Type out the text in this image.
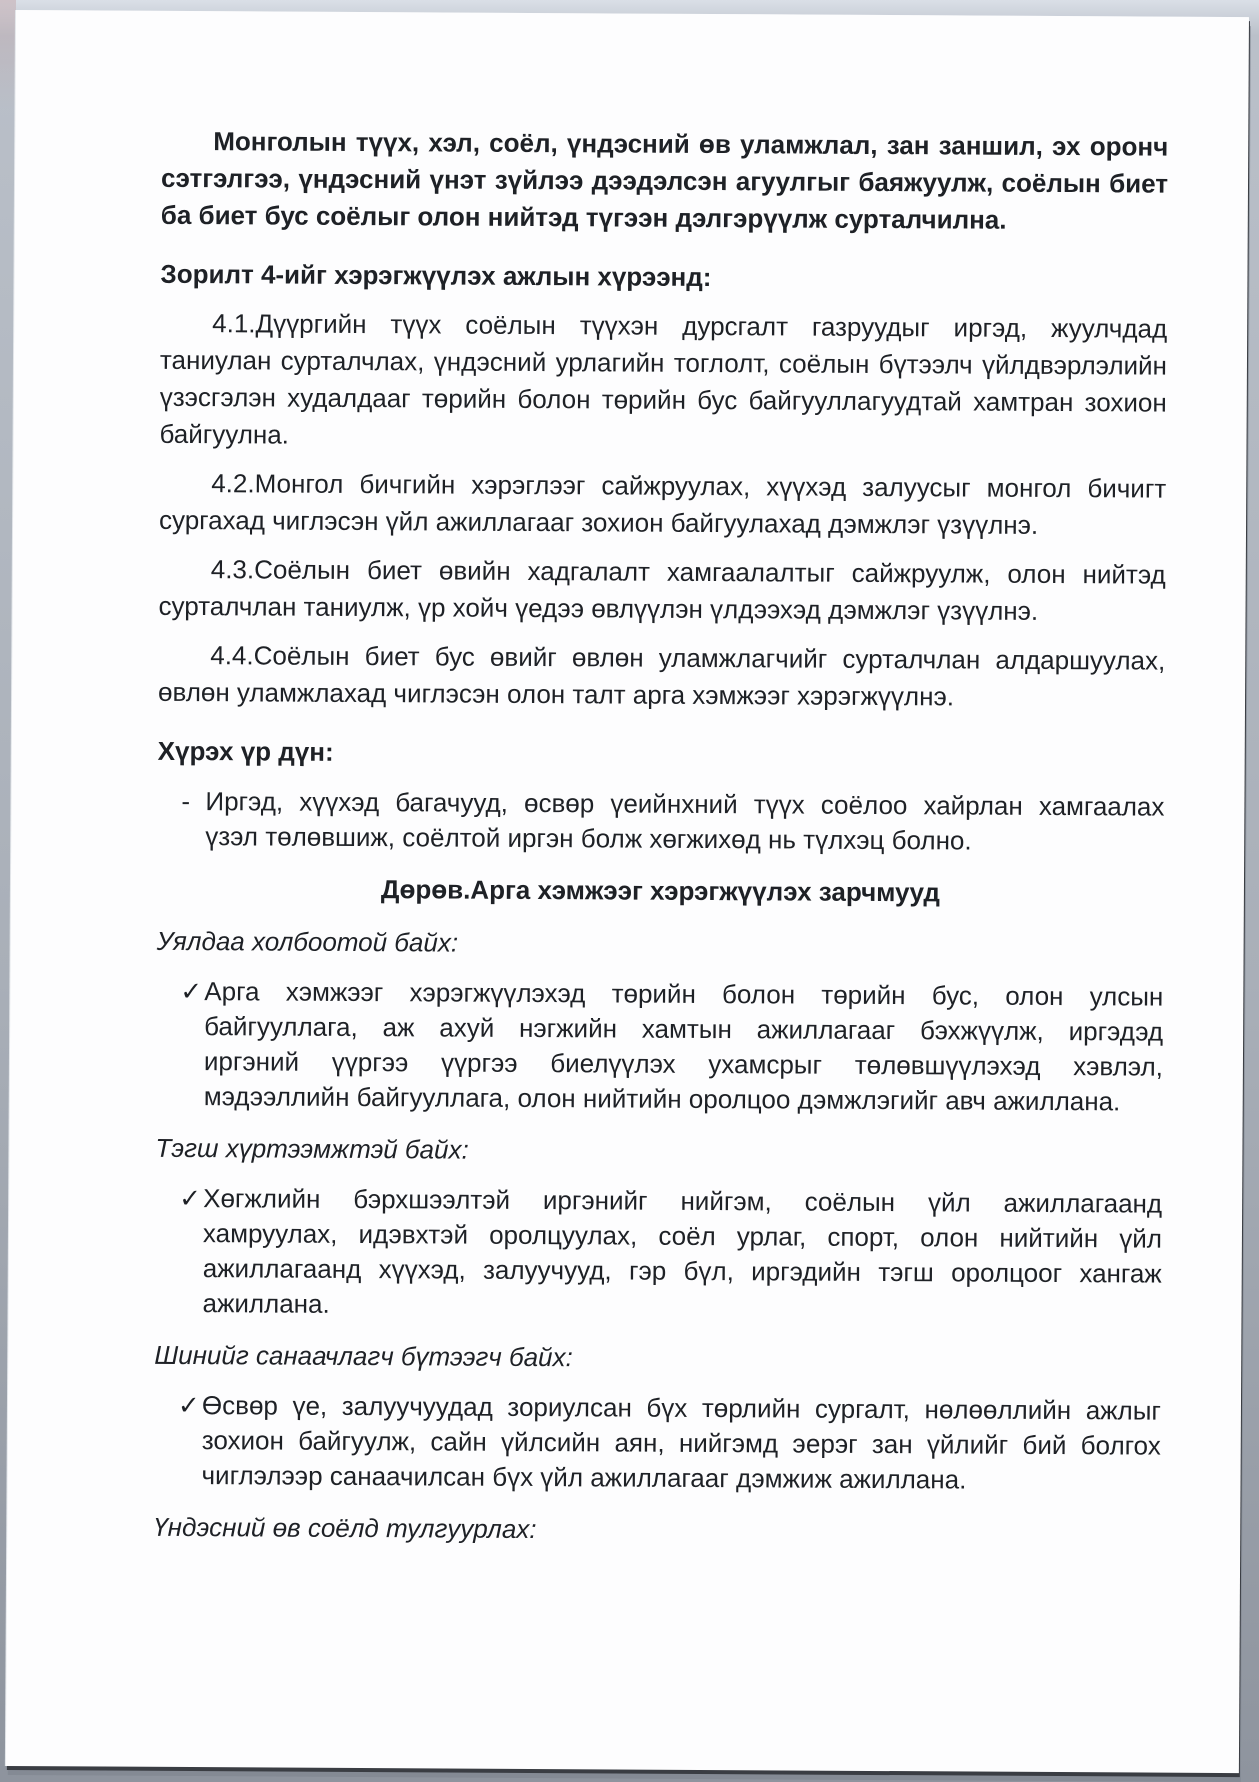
Монголын түүх, хэл, соёл, үндэсний өв уламжлал, зан заншил, эх оронч
сэтгэлгээ, үндэсний үнэт зүйлээ дээдэлсэн агуулгыг баяжуулж, соёлын биет
ба биет бус соёлыг олон нийтэд түгээн дэлгэрүүлж сурталчилна.
Зорилт 4-ийг хэрэгжүүлэх ажлын хүрээнд:
4.1.Дүүргийн түүх соёлын түүхэн дурсгалт газруудыг иргэд, жуулчдад
таниулан сурталчлах, үндэсний урлагийн тоглолт, соёлын бүтээлч үйлдвэрлэлийн
үзэсгэлэн худалдааг төрийн болон төрийн бус байгууллагуудтай хамтран зохион
байгуулна.
4.2.Монгол бичгийн хэрэглээг сайжруулах, хүүхэд залуусыг монгол бичигт
сургахад чиглэсэн үйл ажиллагааг зохион байгуулахад дэмжлэг үзүүлнэ.
4.3.Соёлын биет өвийн хадгалалт хамгаалалтыг сайжруулж, олон нийтэд
сурталчлан таниулж, үр хойч үедээ өвлүүлэн үлдээхэд дэмжлэг үзүүлнэ.
4.4.Соёлын биет бус өвийг өвлөн уламжлагчийг сурталчлан алдаршуулах,
өвлөн уламжлахад чиглэсэн олон талт арга хэмжээг хэрэгжүүлнэ.
Хүрэх үр дүн:
- Иргэд, хүүхэд багачууд, өсвөр үеийнхний түүх соёлоо хайрлан хамгаалах
үзэл төлөвшиж, соёлтой иргэн болж хөгжихөд нь түлхэц болно.
Дөрөв.Арга хэмжээг хэрэгжүүлэх зарчмууд
Уялдаа холбоотой байх:
✓ Арга хэмжээг хэрэгжүүлэхэд төрийн болон төрийн бус, олон улсын
байгууллага, аж ахуй нэгжийн хамтын ажиллагааг бэхжүүлж, иргэдэд
иргэний үүргээ үүргээ биелүүлэх ухамсрыг төлөвшүүлэхэд хэвлэл,
мэдээллийн байгууллага, олон нийтийн оролцоо дэмжлэгийг авч ажиллана.
Тэгш хүртээмжтэй байх:
✓ Хөгжлийн бэрхшээлтэй иргэнийг нийгэм, соёлын үйл ажиллагаанд
хамруулах, идэвхтэй оролцуулах, соёл урлаг, спорт, олон нийтийн үйл
ажиллагаанд хүүхэд, залуучууд, гэр бүл, иргэдийн тэгш оролцоог хангаж
ажиллана.
Шинийг санаачлагч бүтээгч байх:
✓ Өсвөр үе, залуучуудад зориулсан бүх төрлийн сургалт, нөлөөллийн ажлыг
зохион байгуулж, сайн үйлсийн аян, нийгэмд эерэг зан үйлийг бий болгох
чиглэлээр санаачилсан бүх үйл ажиллагааг дэмжиж ажиллана.
Үндэсний өв соёлд тулгуурлах:
